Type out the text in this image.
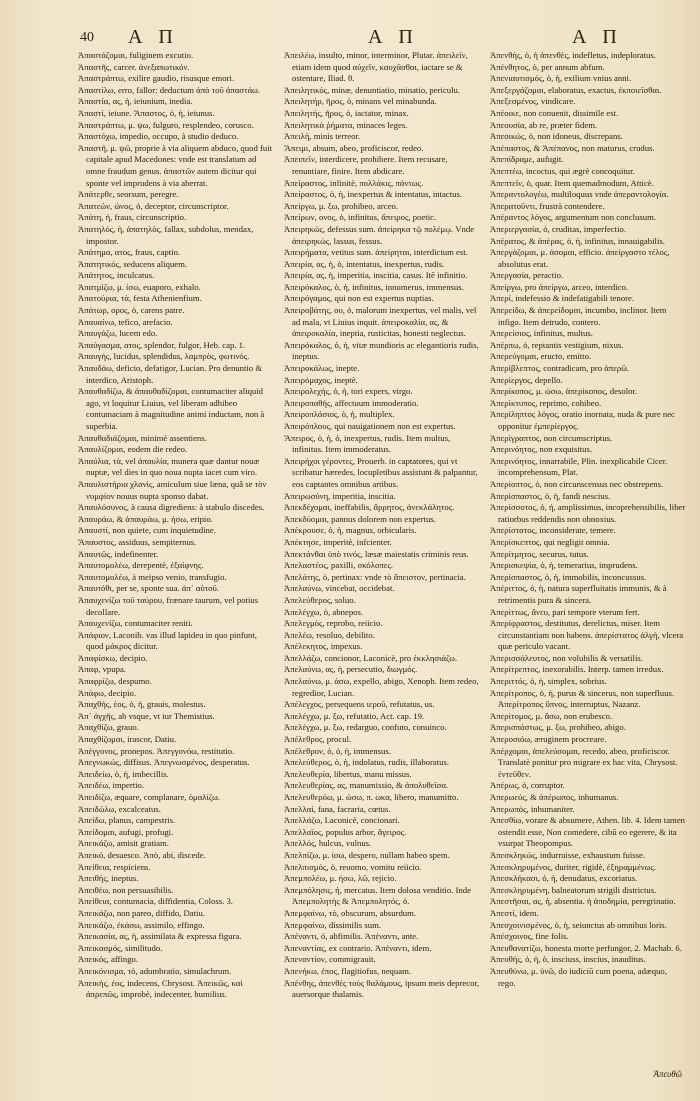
40 Α Π	Α Π	Α Π

Ἀπαστάζομαι, fuliginem excutio.

Ἀπαστῆς, carcer. ἀνεξαπωτικόν.

Ἀπαστράπτω, exilire gaudio, risusque emori.

Ἀπαστίλω, erro, fallor: deductum ἀπὸ τοῦ ἀπαστάω.

Ἀπαστία, ας, ἡ, ieiunium, inedia.

Ἀπαστί, ieiune. Ἄπαστος, ὁ, ἡ, ieiunus.

Ἀπαστράπτω, μ. ψω, fulguro, resplendeo, corusco.

Ἀπαστόχω, impedio, occupo, à studio deduco.

Ἀπαστῆ, μ. ψῶ, proprie à via aliquem abduco, quod fuit capitale apud Macedones: vnde est translatum ad omne fraudum genus. ἀπαστῶν autem dicitur qui sponte vel imprudens à via aberrat.

Ἀπάτερθε, seorsum, peregre.

Ἀπατεών, ὠνος, ὁ, deceptor, circunscriptor.

Ἀπάτη, ἡ, fraus, circunscriptio.

Ἀπατηλός, ἡ, ἀπατηλὸς, fallax, subdolus, mendax, impostor.

Ἀπάτημα, ατος, fraus, captio.

Ἀπατητικός, seducens aliquem.

Ἀπάτητος, inculcatus.

Ἀπατμίζω, μ. ίσω, euaporo, exhalo.

Ἀπατούρια, τὰ, festa Athenienfium.

Ἀπάτωρ, ορος, ὁ, carens patre.

Ἀπαυαίνω, tefico, arefacio.

Ἀπαυγάζω, lucem edo.

Ἀπαύγασμα, ατος, splendor, fulgor, Heb. cap. 1.

Ἀπαυγής, lucidus, splendidus, λαμπρὸς, φωτινός.

Ἀπαυδάω, deficio, defatigor, Lucian. Pro denuntio & interdico, Aristoph.

Ἀπαυθαδίζω, & ἀπαυθαδίζομαι, contumaciter aliquid ago, vt loquitur Liuius, vel liberam adhibeo contumaciam à magnitudine animi inductam, non à superbia.

Ἀπαυθαδιάζομαι, minimè assentiens.

Ἀπαυλίζομαι, eodem die redeo.

Ἀπαύλια, τὰ, vel ἀπαυλία, munera quæ dantur nouæ nuptæ, vel dies in quo noua nupta iacet cum viro.

Ἀπαυλιστήρια χλανὶς, amiculum siue læna, quâ se τὸν νυμφίον nouus nupta sponso dabat.

Ἀπαυλόσυνος, à causa digrediens: à stabulo discedes.

Ἀπαυράω, & ἀπαυράω, μ. ήσω, eripio.

Ἀπαυστί, non quiete, cum inquietudine.

Ἄπαυστος, assiduus, sempiternus.

Ἀπαυτῶς, indefinenter.

Ἀπαυτομολέω, derepentè, ἐξαίφνης.

Ἀπαυτομολέω, à meipso venio, transfugio.

Ἀπαυτόθι, per se, sponte sua. ἀπ᾽ αὐτοῦ.

Ἀπαυχενίζω τοῦ ταύρου, frænare taurum, vel potius decollare.

Ἀπαυχενίζω, contumaciter reniti.

Ἀπάφιον, Laconib. vas illud lapideu in quo pinfunt, quod μάκρος dicitur.

Ἀπαφίσκω, decipio.

Ἀπαφ, vpupa.

Ἀπαφρίζω, despumo.

Ἀπάφω, decipio.

Ἀπαχθής, έος, ὁ, ἡ, grauis, molestus.

Ἀπ᾽ ἀγχῆς, ab vsque, vt iur Themistius.

Ἀπαχθίζω, grauo.

Ἀπαχθίζομαι, irascor, Datiu.

Ἀπέγγονος, pronepos. Ἀπεγγονόω, restitutio.

Ἀπεγνωκώς, diffisus. Ἀπεγνωσμένος, desperatus.

Ἀπειδείω, ὁ, ἡ, imbecillis.

Ἀπειδέω, impertio.

Ἀπειδίζω, æquare, complanare, ὁμαλίζω.

Ἀπειδώλω, excalceatus.

Ἀπείδω, planus, campestris.

Ἀπείδομαι, aufugi, profugi.

Ἀπεικάζω, amisit gratiam.

Ἀπεικό, desuesco. Ἀπὸ, abi, discede.

Ἀπείθεια, respiciens.

Ἀπειθής, ineptus.

Ἀπειθέω, non persuasibilis.

Ἀπείθεια, contumacia, diffidentia, Coloss. 3.

Ἀπεικάζω, non pareo, diffido, Datiu.

Ἀπεικάζω, ἐκάσω, assimilo, effingo.

Ἀπεικασία, ας, ἡ, assimilata & expressa figura.

Ἀπεικασμός, similitudo.

Ἀπεικός, affingo.

Ἀπεικόνισμα, τὸ, adumbratio, simulachrum.

Ἀπεικής, έος, indecens, Chrysost. Ἀπεικῶς, καὶ ἀπρεπῶς, improbè, indecenter, humilius.

Ἀπειλέω, insulto, minor, interminor, Plutar. ἀπειλεῖν, etiam idem quod αὐχεῖν, καυχᾶσθαι, iactare se & ostentare, Iliad. θ.

Ἀπειλητικός, minæ, denuntiatio, minatio, periculu.

Ἀπειλητήρ, ῆρος, ὁ, minans vel minabunda.

Ἀπειλητής, ῆρος, ὁ, iactator, minax.

Ἀπειλητικὰ ῥήματα, minaces leges.

Ἀπειλὴ, minis terreor.

Ἄπειμι, absum, abeo, proficiscor, redeo.

Ἀπειπεῖν, interdicere, prohibere. Item recusare, renuntiare, finire. Item abdicare.

Ἀπείραστος, infinitè, πολλάκις, πάντως.

Ἀπείραστος, ὁ, ἡ, inexpertus & intentatus, intactus.

Ἀπείργω, μ. ξω, prohibeo, arceo.

Ἀπείρων, ονος, ὁ, infinitus, ἄπειρος, poetic.

Ἀπειρηκώς, defessus sum. ἀπείρηκα τῷ πολέμῳ. Vnde ἀπειρηκὼς, lassus, fessus.

Ἀπειρήματα, vetitus sum. ἀπείρηται, interdictum est.

Ἀπειρία, ας, ἡ, ὁ, intentatus, inexpertus, rudis.

Ἀπειρία, ας, ἡ, imperitia, inscitia, casus. Itē infinitio.

Ἀπειρόκαλος, ὁ, ἡ, infinitus, innumerus, immensus.

Ἀπειρόγαμος, qui non est expertus nuptias.

Ἀπειροβάτης, ου, ὁ, malorum inexpertus, vel malis, vel ad mala, vt Liuius inquit. ἀπειροκαλία, ας, & ἀπειροκαλία, ineptia, rusticitas, honesti neglectus.

Ἀπειρόκαλος, ὁ, ἡ, vitæ mundioris ac elegantioris rudis, ineptus.

Ἀπειροκάλως, inepte.

Ἀπειρόμαχος, ineptè.

Ἀπειρολεχής, ὁ, ἡ, tori expers, virgo.

Ἀπειροπαθής, affectuum immoderatio.

Ἀπειροπλάσιος, ὁ, ἡ, multiplex.

Ἀπειρόπλους, qui nauigationem non est expertus.

Ἄπειρος, ὁ, ἡ, ὁ, inexpertus, rudis. Item multus, infinitus. Item immoderatus.

Ἀπειρήχοι γέροντες, Prouerb. in captatores, qui vt scribatur hæredes, locupletibus assistunt & palpantur, eos captantes omnibus artibus.

Ἀπειρωσύνη, imperitia, inscitia.

Ἀπεκδέχομαι, ineffabilis, ἄρρητος, ἀνεκλάλητος.

Ἀπεκδύομαι, pannus dolorem non expertus.

Ἀπέκρουσε, ὁ, ἡ, magnus, orbicularis.

Ἀπέκτησε, imperitè, infcienter.

Ἀπεκτάνθαι ὑπὸ τινός, læsæ maiestatis criminis reus.

Ἀπελαστέος, paxilli, σκόλοπες.

Ἀπελάτης, ὁ, pertinax: vnde τὸ ἄπειστον, pertinacia.

Ἀπελαύνω, vincebat, occidebat.

Ἀπελεύθερος, soluo.

Ἀπελέγχω, ὁ, abnepos.

Ἀπελεγμὸς, reprobo, reiicio.

Ἀπελέω, resoluo, debilito.

Ἀπέλεκητος, impexus.

Ἀπελλάζω, concionor, Laconicè, pro ἐκκλησιάζω.

Ἀπελαύνω, ας, ἡ, persecutio, διωγμός.

Ἀπελαύνω, μ. άσω, expello, abigo, Xenoph. Item redeo, regredior, Lucian.

Ἀπέλεγχος, persequens ιεροῦ, refutatus, us.

Ἀπελέγχω, μ. ξω, refutatio, Act. cap. 19.

Ἀπελέγχω, μ. ξω, redarguo, confuto, conuinco.

Ἀπέλεθρος, procul.

Ἀπέλεθρον, ὁ, ὁ, ἡ, immensus.

Ἀπελεύθερος, ὁ, ἡ, indolatus, rudis, illaboratus.

Ἀπελευθερία, libertus, manu missus.

Ἀπελευθερίας, ας, manumissio, & ἀπολυθεῖσα.

Ἀπελευθερόω, μ. ώσω, π. ωκα, libero, manumitto.

Ἀπελλαί, fana, facraria, cœtus.

Ἀπελλάζω, Laconicè, concionari.

Ἀπελλαῖος, populus arbor, ἄγειρος.

Ἀπελλός, hulcus, vulnus.

Ἀπελπίζω, μ. ίσω, despero, nullam habeo spem.

Ἀπελπισμός, ὁ, reuomo, vomitu reiicio.

Ἀπεμπολέω, μ. ήσω, λῶ, rejicio.

Ἀπεμπόλησις, ἡ, mercatus. Item dolosa venditio. Inde Ἀπεμπολητὴς & Ἀπεμπολητός, ὁ.

Ἀπεμφαίνω, τὸ, obscurum, absurdum.

Ἀπεμφαίνω, dissimilis sum.

Ἀπέναντι, ὁ, abfimilis. Ἀπέναντι, ante.

Ἀπεναντίας, ex contrario. Ἀπέναντι, idem.

Ἀπεναντίον, commigrauit.

Ἀπενήκω, ἐπος, flagitiofus, nequam.

Ἀπένθης, ἀπενθὲς τοὺς θαλάμους, ipsum meis deprecor, auersorque thalamis.

Ἀπενθής, ὁ, ἡ ἀπενθὲς, indefletus, indeploratus.

Ἀπένθητος, ὁ, per annum abfum.

Ἀπενιαυτισμός, ὁ, ἡ, exilium vnius anni.

Ἀπεξεργάζομαι, elaboratus, exactus, ἐκποιεῖσθαι.

Ἀπεξεσμένος, vindicare.

Ἀπέοικε, non conuenit, dissimile est.

Ἀπεουσία, ab re, præter fidem.

Ἀπεοικώς, ὁ, non idoneus, discrepans.

Ἀπέπαστος, & Ἀπέπανος, non maturus, crudus.

Ἀπεπίδραμε, aufugit.

Ἀπεπτέω, incoctus, qui ægrè concoquitur.

Ἀπεπτεῖν, ὁ, quar. Item quemadmodum, Atticè.

Ἀπεραντολογέω, multiloquus vnde ἀπεραντολογία.

Ἀπερατοῦντι, frustrà contendere.

Ἀπέραντος λόγος, argumentum non conclusum.

Ἀπεριεργασία, ὁ, cruditas, imperfectio.

Ἀπέρατος, & ἀπέρας, ὁ, ἡ, infinitus, innauigabilis.

Ἀπεργάζομαι, μ. άσομαι, efficio. ἀπείργαστο τέλος, absolutus erat.

Ἀπεργασία, peractio.

Ἀπείργω, pro ἀπείργω, arceo, interdico.

Ἀπερί, indefessio & indefatigabili tenore.

Ἀπερείδω, & ἀπερείδομαι, incumbo, inclinor. Item infigo. Item detrudo, contero.

Ἀπερείσιος, infinitus, multus.

Ἀπέρπω, ὁ, reptantis vestigium, nixus.

Ἀπερεύγομαι, eructo, emitto.

Ἀπερίβλεπτος, contradicam, pro ἀπερῶ.

Ἀπερίεργος, depello.

Ἀπερίκοπος, μ. ώσω, ἀπερίκοπος, desolor.

Ἀπερίκτυπος, reprimo, cohibeo.

Ἀπερίληπτος λόγος, oratio inornata, nuda & pure nec opponitur ἐμπερίεργος.

Ἀπερίγραπτος, non circumscriptus.

Ἀπερινόητος, non exquisitus.

Ἀπερινόητος, innarrabile, Plin. inexplicabile Cicer. incomprehensum, Plat.

Ἀπερίοπτος, ὁ, non circunscensus nec obstrepens.

Ἀπερίσπαστος, ὁ, ἡ, fandi nescius.

Ἀπερίσσοτος, ὁ, ἡ, amplissimus, incoprehensibilis, liber ratiorbus reddendis non obnoxius.

Ἀπερίστατος, inconsiderate, temere.

Ἀπερίσκεπτος, qui negligit omnia.

Ἀπερίτμητος, securus, tutus.

Ἀπερισκεψία, ὁ, ἡ, temerarius, imprudens.

Ἀπερίσπαστος, ὁ, ἡ, immobilis, inconcussus.

Ἀπέριττος, ὁ, ἡ, natura superfluitatis immunis, & à retrimentis pura & sincera.

Ἀπερίττως, ἄνευ, pari tempore vterum fert.

Ἀπερίφραστος, destitutus, derelictus, miser. Item circunstantiam non habens. ἀπερίστατος ἀλγὴ, vlcera quæ periculo vacant.

Ἀπερισσάλευτος, non volubilis & versatilis.

Ἀπερίτρεπτος, inexorabilis. Interp. tamen irredux.

Ἀπεριττός, ὁ, ἡ, simplex, sobrius.

Ἀπερίτροπος, ὁ, ἡ, purus & sincerus, non superfluus. Ἀπερίτροπος ὕπνος, interruptus, Nazanz.

Ἀπερίτομος, μ. ἄσω, non erubesco.

Ἀπερισπάστως, μ. ξω, prohibeo, abigo.

Ἀπεροσιόω, æruginem procreare.

Ἀπέρχομαι, ἀπελεύσομαι, recedo, abeo, proficiscor. Translatè ponitur pro migrare ex hac vita, Chrysost. ἐντεῦθεν.

Ἀπέρως, ὁ, corruptor.

Ἀπερωεύς, & ἀπέρωπος, inhumanus.

Ἀπερωπός, inhumaniter.

Ἀπεσθίω, vorare & absumere, Athen. lib. 4. Idem tamen ostendit esse, Non comedere, cibū eo egerere, & ita vsurpat Theopompus.

Ἀπεσκληκώς, indurruisse, exhaustum fuisse.

Ἀπεσκληρυμένος, duriter, rigidè, ἐξηραμμένως.

Ἀπεσκλήκασι, ὁ, ἡ, denudatus, excoriatus.

Ἀπεσκληρυμένη, balneatorum strigili districtus.

Ἀπεστῆσαι, ας, ἡ, absentia. ἡ ἀποδημία, peregrinatio.

Ἀπεστί, idem.

Ἀπεσχοινισμένος, ὁ, ἡ, seiunctus ab omnibus loris.

Ἀπέσχοινος, fine folis.

Ἀπευθανατίζω, honesta morte perfungor, 2. Machab. 6.

Ἀπευθής, ὁ, ἡ, ὁ, insciuss, inscius, inauditus.

Ἀπευθύνω, μ. ὑνῶ, do iudiciū cum poena, adæquo, rego.

Ἀπευθῶ
